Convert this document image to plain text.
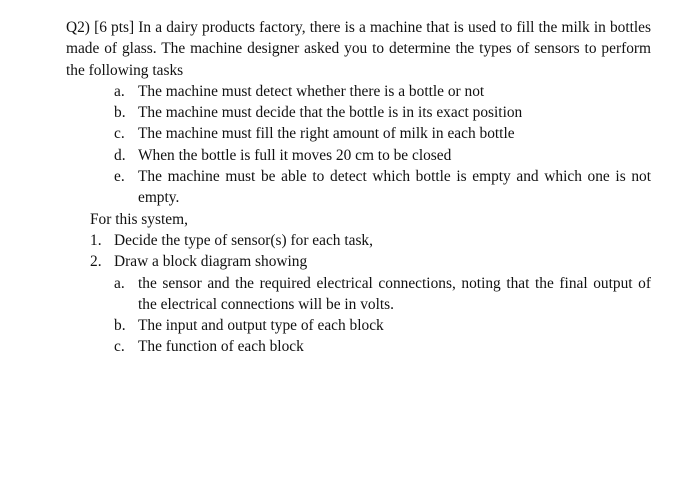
Q2) [6 pts] In a dairy products factory, there is a machine that is used to fill the milk in bottles made of glass. The machine designer asked you to determine the types of sensors to perform the following tasks

a. The machine must detect whether there is a bottle or not
b. The machine must decide that the bottle is in its exact position
c. The machine must fill the right amount of milk in each bottle
d. When the bottle is full it moves 20 cm to be closed
e. The machine must be able to detect which bottle is empty and which one is not empty.
For this system,
1. Decide the type of sensor(s) for each task,
2. Draw a block diagram showing
a. the sensor and the required electrical connections, noting that the final output of the electrical connections will be in volts.
b. The input and output type of each block
c. The function of each block
